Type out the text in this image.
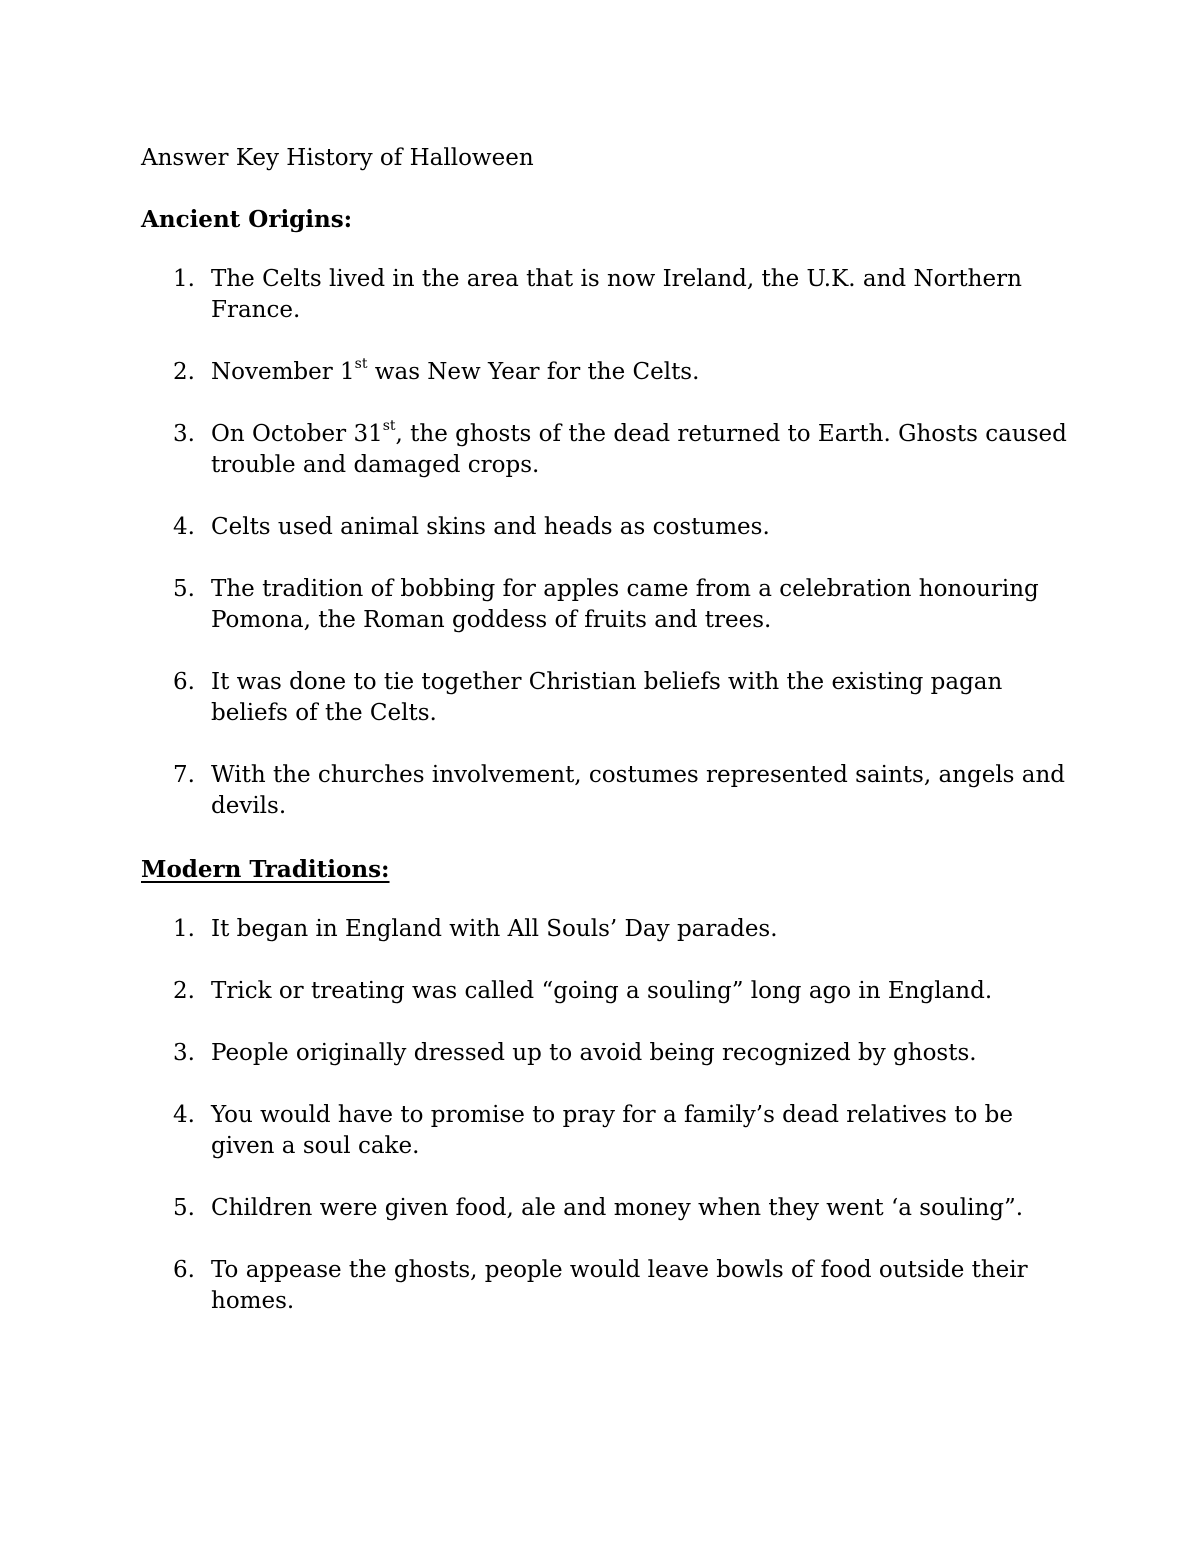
Answer Key History of Halloween
Ancient Origins:
1. The Celts lived in the area that is now Ireland, the U.K. and Northern France.
2. November 1st was New Year for the Celts.
3. On October 31st, the ghosts of the dead returned to Earth. Ghosts caused trouble and damaged crops.
4. Celts used animal skins and heads as costumes.
5. The tradition of bobbing for apples came from a celebration honouring Pomona, the Roman goddess of fruits and trees.
6. It was done to tie together Christian beliefs with the existing pagan beliefs of the Celts.
7. With the churches involvement, costumes represented saints, angels and devils.
Modern Traditions:
1. It began in England with All Souls’ Day parades.
2. Trick or treating was called “going a souling” long ago in England.
3. People originally dressed up to avoid being recognized by ghosts.
4. You would have to promise to pray for a family’s dead relatives to be given a soul cake.
5. Children were given food, ale and money when they went ‘a souling”.
6. To appease the ghosts, people would leave bowls of food outside their homes.
